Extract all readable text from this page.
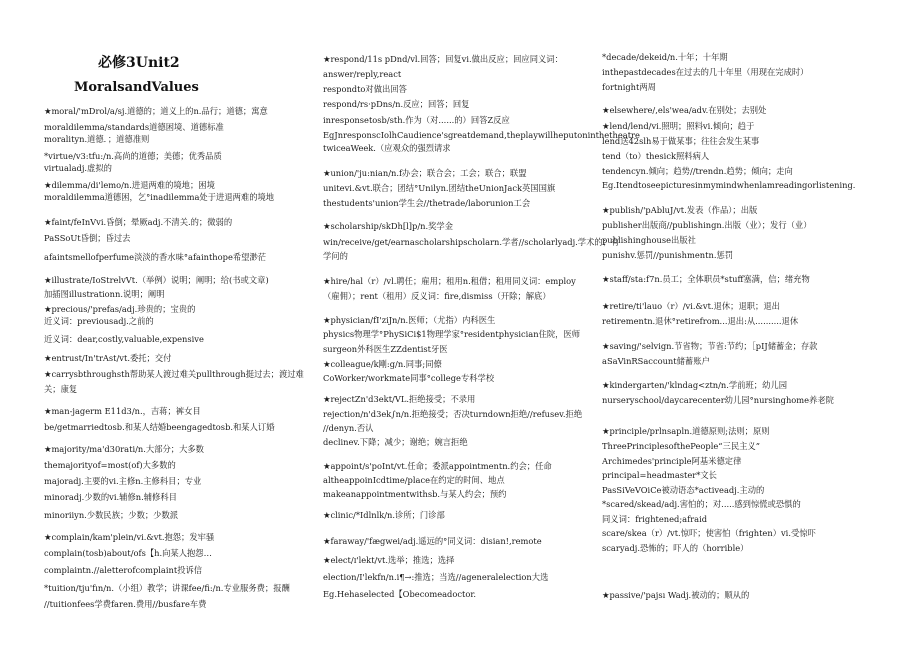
必修3Unit2
MoralsandValues
★moral/'mDrol/a/sj.道德的；道义上的n.品行；道德；寓意
moraldilemma/standards道德困境、道德标准
moralityn.道德．；道德准则
*virtue/v3:tfu:/n.高尚的道德；美德；优秀品质
virtualadj.虚拟的
★dilemma/di'lemo/n.进退两难的境地；困境
moraldilemma道德困，乞°inadilemma处于进退两难的境地
★faint/feInVvi.昏倒；晕厥adj.不清关.的；微弱的
PaSSoUt昏倒；昏过去
afaintsmellofperfume淡淡的香水味°afainthope希望渺茫
★illustrate/IoStrelvVt.（举例）说明；阐明；给(书或文章)
加插图illustrationn.说明；阐明
★precious/'prefas/adj.珍贵的；宝贵的
近义词：previousadj.之前的
近义词：dear,costly,valuable,expensive
★entrust/In'trAst/vt.委托；交付
★carrysbthroughsth帮助某人渡过难关pullthrough挺过去；渡过难
关；康复
★man-jagerm E11d3/n.，吉蒋；裤女目
be/getmarriedtosb.和某人结婚beengagedtosb.和某人订婚
★majority/ma'd30rati/n.大部分；大多数
themajorityof=most(of)大多数的
majoradj.主要的vi.主修n.主修科目；专业
minoradj.少数的vi.辅修n.辅修科目
minoriiyn.少数民族；少数；少数派
★complain/kam'plein/vi.&vt.抱怨；发牢骚
complain(tosb)about/ofs【h.向某人抱怨…
complaintn.//aletterofcomplaint投诉信
*tuition/tju'fın/n.（小组）教学；讲课fee/fi:/n.专业服务费；报酬
//tuitionfees学费faren.费用//busfare车费
★respond/11s pDnd/vl.回答；回复vi.做出反应；回应同义词：
answer/reply,react
respondto对做出回答
respond/rs·pDns/n.反应；回答；回复
inresponsetosb/sth.作为（对......的）回答Z反应
EgJnresponscIolhCaudience'sgreatdemand,theplaywillheputoninthetheatre
twiceaWeek.（应观众的强烈请求
★union/'ju:nian/n.f办会；联合会；工会；联合；联盟
unitevi.&vt.联合；团结°Unilyn.团结theUnionJack英国国旗
thestudents'union学生会//thetrade/laborunion工会
★scholarship/skDh[l]p/n.奖学金
win/receive/get/earnascholarshipscholarn.学者//scholarlyadj.学术的；有
学问的
★hire/hal（r）/vl.聘任；雇用；租用n.租借；租用同义词：employ
（雇佣）；rent（租用）反义词：fire,dismiss（开除；解底）
★physician/fI'ziJn/n.医师；（尤指）内科医生
physics物理学°PhySiCi$1物理学家°residentphysician住院，医师
surgeon外科医生ZZdentist牙医
★colleague/k剛:g/n.同事;同僚
CoWorker/workmate同事°college专科学校
★rejectZn'd3ekt/VL.拒绝接受；不录用
rejection/n'd3ek∫n/n.拒绝接受；否决turndown拒绝//refusev.拒绝
//denyn.否认
declinev.下降；减少；谢绝；婉言拒绝
★appoint/s'poInt/vt.任命；委派appointmentn.约会；任命
altheappoinIcdtime/place在约定的时间、地点
makeanappointmentwithsb.与某人约会；预约
★clinic/*Idlnlk/n.诊所；门诊部
★faraway/'fægwei/adj.遥远的°同义词：disian!,remote
★elect/ɪ'lekt/vt.选举；推选；选择
election/I'lekfn/n.i¶→:推选；当选//ageneralelection大选
Eg.Hehaselected【Obecomeadoctor.
*decade/dekeid/n.十年；十年期
inthepastdecades在过去的几十年里（用现在完成时）
fortnight两周
★elsewhere/,els'wea/adv.在别处；去别处
★lend/lend/vi.照明；照料vi.倾向；趋于
lend送42slh易于做某事；往往会发生某事
tend（to）thesick照料病人
tendencyn.倾向；趋势//trendn.趋势；倾向；走向
Eg.Itendtoseepicturesinmymindwhenlamreadingorlistening.
★publish/'pAbluJ/vt.发表（作品）；出版
publisher出版商//publishingn.出版（业）；发行（业）
publishinghouse出版社
punishv.惩罚//punishmentn.惩罚
★staff/sta:f7n.员工；全体职员*stuff塞满，信；绪充物
★retire/ti'lauo（r）/vi.&vt.退休；退职；退出
retirementn.退休°retirefrom...退出:从..........退休
★saving/'selvign.节省物；节省:节约；［pIJ储蓄金；存款
aSaVinRSaccount储蓄账户
★kindergarten/'klndag<ztn/n.学前班；幼儿园
nurseryschool/daycarecenter幼儿园°nursinghome养老院
★principle/prlnsapln.道德原则;法则；原则
ThreePrinciplesofthePeople“三民主义”
Archimedes'principle阿基米德定律
principal=headmaster*文长
PasSiVeVOiCe被动语态*activeadj.主动的
*scared/skead/adj.害怕的；对.....感到惊慌或恐惧的
同义词：frightened;afraid
scare/skea（r）/vt.惊吓；使害怕（frighten）vi.受惊吓
scaryadj.恐怖的；吓人的（horrible）
★passive/'pajsı Wadj.被动的；顺从的
